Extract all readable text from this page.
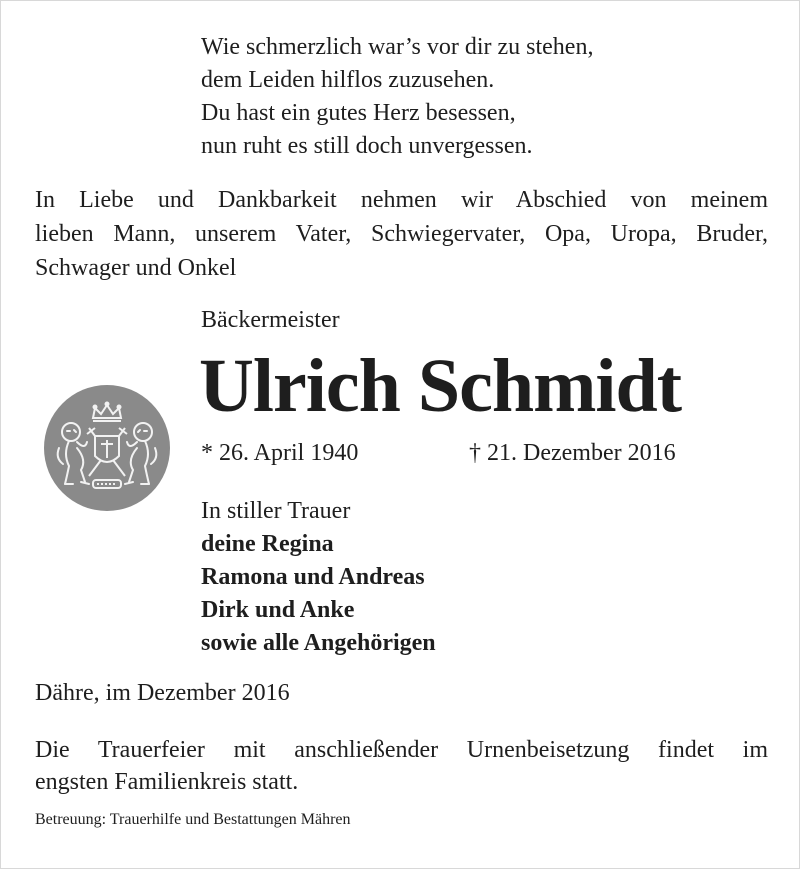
Wie schmerzlich war’s vor dir zu stehen,
dem Leiden hilflos zuzusehen.
Du hast ein gutes Herz besessen,
nun ruht es still doch unvergessen.
In Liebe und Dankbarkeit nehmen wir Abschied von meinem
lieben Mann, unserem Vater, Schwiegervater, Opa, Uropa, Bruder,
Schwager und Onkel
Bäckermeister
Ulrich Schmidt
* 26. April 1940	† 21. Dezember 2016
In stiller Trauer
deine Regina
Ramona und Andreas
Dirk und Anke
sowie alle Angehörigen
Dähre, im Dezember 2016
Die Trauerfeier mit anschließender Urnenbeisetzung findet im
engsten Familienkreis statt.
Betreuung: Trauerhilfe und Bestattungen Mähren
